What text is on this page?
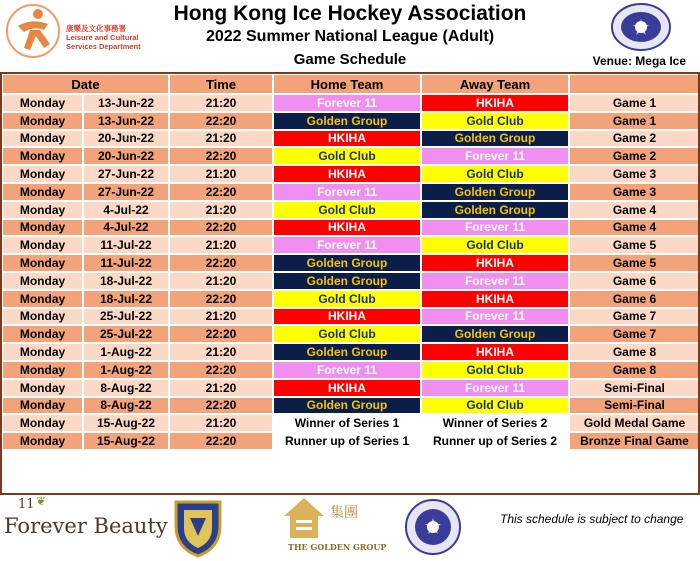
康樂及文化事務署
Leisure and Cultural
Services Department
Hong Kong Ice Hockey Association
2022 Summer National League (Adult)
Game Schedule	Venue: Mega Ice
Date		Time	Home Team	Away Team	
Monday	13-Jun-22	21:20	Forever 11	HKIHA	Game 1
Monday	13-Jun-22	22:20	Golden Group	Gold Club	Game 1
Monday	20-Jun-22	21:20	HKIHA	Golden Group	Game 2
Monday	20-Jun-22	22:20	Gold Club	Forever 11	Game 2
Monday	27-Jun-22	21:20	HKIHA	Gold Club	Game 3
Monday	27-Jun-22	22:20	Forever 11	Golden Group	Game 3
Monday	4-Jul-22	21:20	Gold Club	Golden Group	Game 4
Monday	4-Jul-22	22:20	HKIHA	Forever 11	Game 4
Monday	11-Jul-22	21:20	Forever 11	Gold Club	Game 5
Monday	11-Jul-22	22:20	Golden Group	HKIHA	Game 5
Monday	18-Jul-22	21:20	Golden Group	Forever 11	Game 6
Monday	18-Jul-22	22:20	Gold Club	HKIHA	Game 6
Monday	25-Jul-22	21:20	HKIHA	Forever 11	Game 7
Monday	25-Jul-22	22:20	Gold Club	Golden Group	Game 7
Monday	1-Aug-22	21:20	Golden Group	HKIHA	Game 8
Monday	1-Aug-22	22:20	Forever 11	Gold Club	Game 8
Monday	8-Aug-22	21:20	HKIHA	Forever 11	Semi-Final
Monday	8-Aug-22	22:20	Golden Group	Gold Club	Semi-Final
Monday	15-Aug-22	21:20	Winner of Series 1	Winner of Series 2	Gold Medal Game
Monday	15-Aug-22	22:20	Runner up of Series 1	Runner up of Series 2	Bronze Final Game
11 ❦
Forever Beauty
集團
THE GOLDEN GROUP
This schedule is subject to change
